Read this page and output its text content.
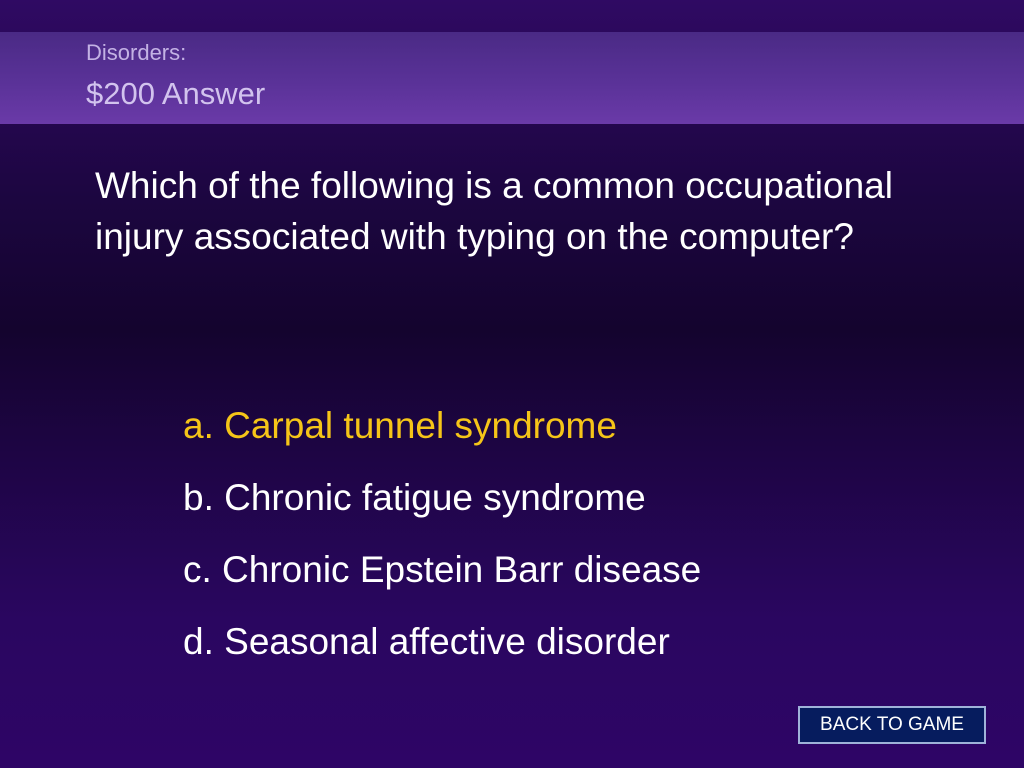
Disorders:
$200 Answer
Which of the following is a common occupational injury associated with typing on the computer?
a. Carpal tunnel syndrome
b. Chronic fatigue syndrome
c. Chronic Epstein Barr disease
d. Seasonal affective disorder
BACK TO GAME
